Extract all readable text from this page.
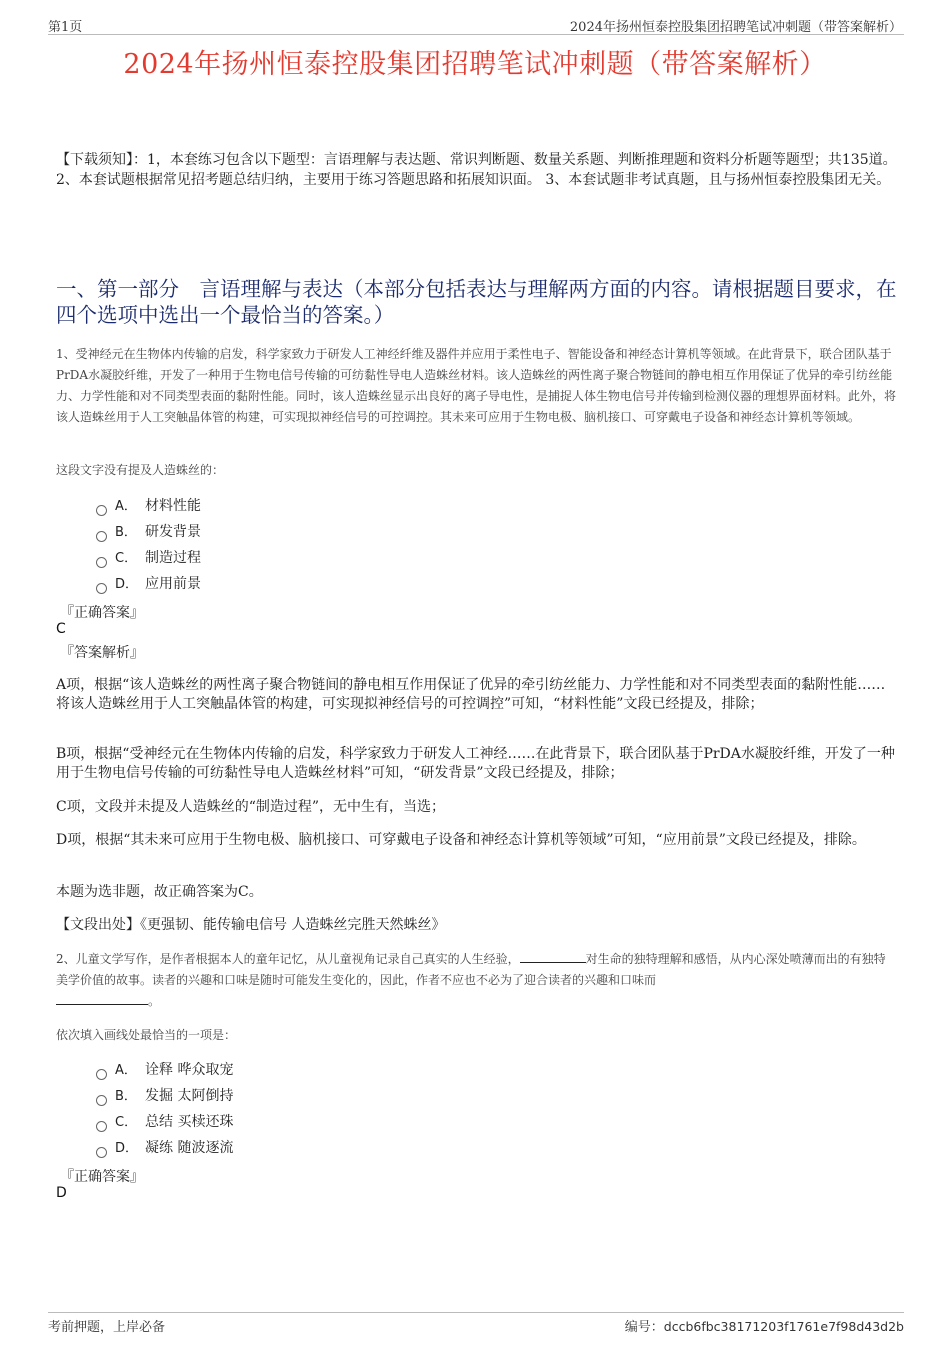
第1页	2024年扬州恒泰控股集团招聘笔试冲刺题（带答案解析）
2024年扬州恒泰控股集团招聘笔试冲刺题（带答案解析）
【下载须知】：1，本套练习包含以下题型：言语理解与表达题、常识判断题、数量关系题、判断推理题和资料分析题等题型；共135道。 2、本套试题根据常见招考题总结归纳，主要用于练习答题思路和拓展知识面。 3、本套试题非考试真题，且与扬州恒泰控股集团无关。
一、第一部分　言语理解与表达（本部分包括表达与理解两方面的内容。请根据题目要求，在四个选项中选出一个最恰当的答案。）
1、受神经元在生物体内传输的启发，科学家致力于研发人工神经纤维及器件并应用于柔性电子、智能设备和神经态计算机等领域。在此背景下，联合团队基于PrDA水凝胶纤维，开发了一种用于生物电信号传输的可纺黏性导电人造蛛丝材料。该人造蛛丝的两性离子聚合物链间的静电相互作用保证了优异的牵引纺丝能力、力学性能和对不同类型表面的黏附性能。同时，该人造蛛丝显示出良好的离子导电性，是捕捉人体生物电信号并传输到检测仪器的理想界面材料。此外，将该人造蛛丝用于人工突触晶体管的构建，可实现拟神经信号的可控调控。其未来可应用于生物电极、脑机接口、可穿戴电子设备和神经态计算机等领域。
这段文字没有提及人造蛛丝的：
A． 材料性能
B． 研发背景
C． 制造过程
D． 应用前景
『正确答案』
C
『答案解析』
A项，根据“该人造蛛丝的两性离子聚合物链间的静电相互作用保证了优异的牵引纺丝能力、力学性能和对不同类型表面的黏附性能……将该人造蛛丝用于人工突触晶体管的构建，可实现拟神经信号的可控调控”可知，“材料性能”文段已经提及，排除；
B项，根据“受神经元在生物体内传输的启发，科学家致力于研发人工神经……在此背景下，联合团队基于PrDA水凝胶纤维，开发了一种用于生物电信号传输的可纺黏性导电人造蛛丝材料”可知，“研发背景”文段已经提及，排除；
C项，文段并未提及人造蛛丝的“制造过程”，无中生有，当选；
D项，根据“其未来可应用于生物电极、脑机接口、可穿戴电子设备和神经态计算机等领域”可知，“应用前景”文段已经提及，排除。
本题为选非题，故正确答案为C。
【文段出处】《更强韧、能传输电信号 人造蛛丝完胜天然蛛丝》
2、儿童文学写作，是作者根据本人的童年记忆，从儿童视角记录自己真实的人生经验，	对生命的独特理解和感悟，从内心深处喷薄而出的有独特美学价值的故事。读者的兴趣和口味是随时可能发生变化的，因此，作者不应也不必为了迎合读者的兴趣和口味而
。
依次填入画线处最恰当的一项是：
A． 诠释 哗众取宠
B． 发掘 太阿倒持
C． 总结 买椟还珠
D． 凝练 随波逐流
『正确答案』
D
考前押题，上岸必备	编号：dccb6fbc38171203f1761e7f98d43d2b
